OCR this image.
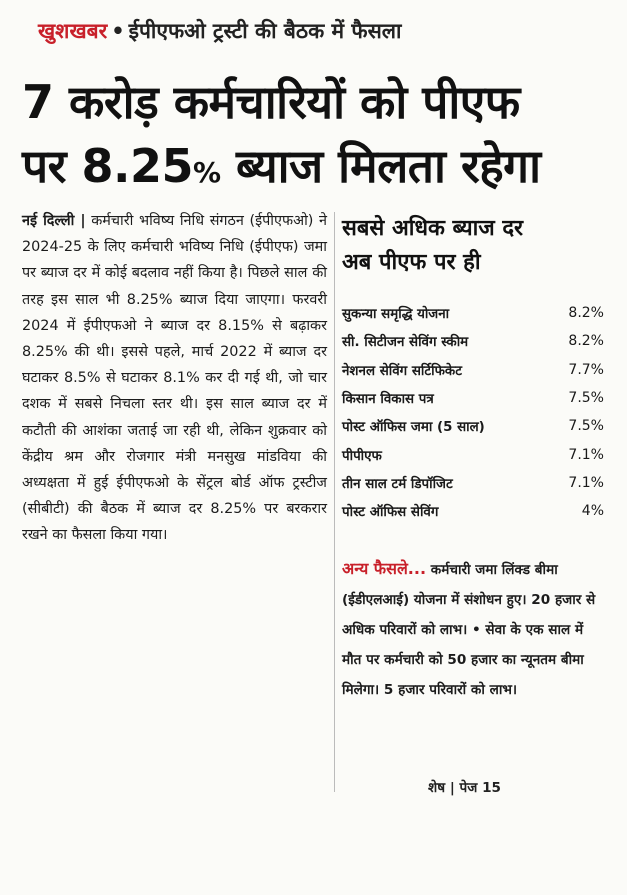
खुशखबर • ईपीएफओ ट्रस्टी की बैठक में फैसला
7 करोड़ कर्मचारियों को पीएफ
पर 8.25% ब्याज मिलता रहेगा
नई दिल्ली | कर्मचारी भविष्य निधि संगठन (ईपीएफओ) ने 2024-25 के लिए कर्मचारी भविष्य निधि (ईपीएफ) जमा पर ब्याज दर में कोई बदलाव नहीं किया है। पिछले साल की तरह इस साल भी 8.25% ब्याज दिया जाएगा। फरवरी 2024 में ईपीएफओ ने ब्याज दर 8.15% से बढ़ाकर 8.25% की थी। इससे पहले, मार्च 2022 में ब्याज दर घटाकर 8.5% से घटाकर 8.1% कर दी गई थी, जो चार दशक में सबसे निचला स्तर थी। इस साल ब्याज दर में कटौती की आशंका जताई जा रही थी, लेकिन शुक्रवार को केंद्रीय श्रम और रोजगार मंत्री मनसुख मांडविया की अध्यक्षता में हुई ईपीएफओ के सेंट्रल बोर्ड ऑफ ट्रस्टीज (सीबीटी) की बैठक में ब्याज दर 8.25% पर बरकरार रखने का फैसला किया गया।
सबसे अधिक ब्याज दर
अब पीएफ पर ही
सुकन्या समृद्धि योजना	8.2%
सी. सिटीजन सेविंग स्कीम	8.2%
नेशनल सेविंग सर्टिफिकेट	7.7%
किसान विकास पत्र	7.5%
पोस्ट ऑफिस जमा (5 साल)	7.5%
पीपीएफ	7.1%
तीन साल टर्म डिपॉजिट	7.1%
पोस्ट ऑफिस सेविंग	4%
अन्य फैसले... कर्मचारी जमा लिंक्ड बीमा (ईडीएलआई) योजना में संशोधन हुए। 20 हजार से अधिक परिवारों को लाभ। • सेवा के एक साल में मौत पर कर्मचारी को 50 हजार का न्यूनतम बीमा मिलेगा। 5 हजार परिवारों को लाभ।
शेष | पेज 15
